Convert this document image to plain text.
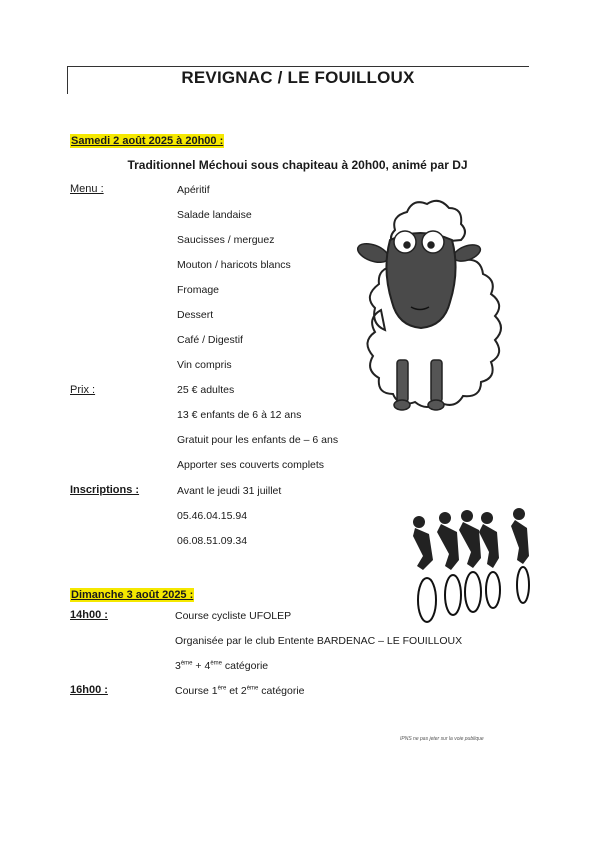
REVIGNAC / LE FOUILLOUX
Samedi 2 août 2025 à 20h00 :
Traditionnel Méchoui sous chapiteau à 20h00, animé par DJ
Menu :	Apéritif
Salade landaise
Saucisses / merguez
Mouton / haricots blancs
Fromage
Dessert
Café / Digestif
Vin compris
Prix :	25 € adultes
13 € enfants de 6 à 12 ans
Gratuit pour les enfants de – 6 ans
Apporter ses couverts complets
Inscriptions :	Avant le jeudi 31 juillet
05.46.04.15.94
06.08.51.09.34
Dimanche 3 août 2025 :
14h00 :	Course cycliste UFOLEP
Organisée par le club Entente BARDENAC – LE FOUILLOUX
3ème + 4ème catégorie
16h00 :	Course 1ère et 2ème catégorie
IPNS ne pas jeter sur la voie publique
